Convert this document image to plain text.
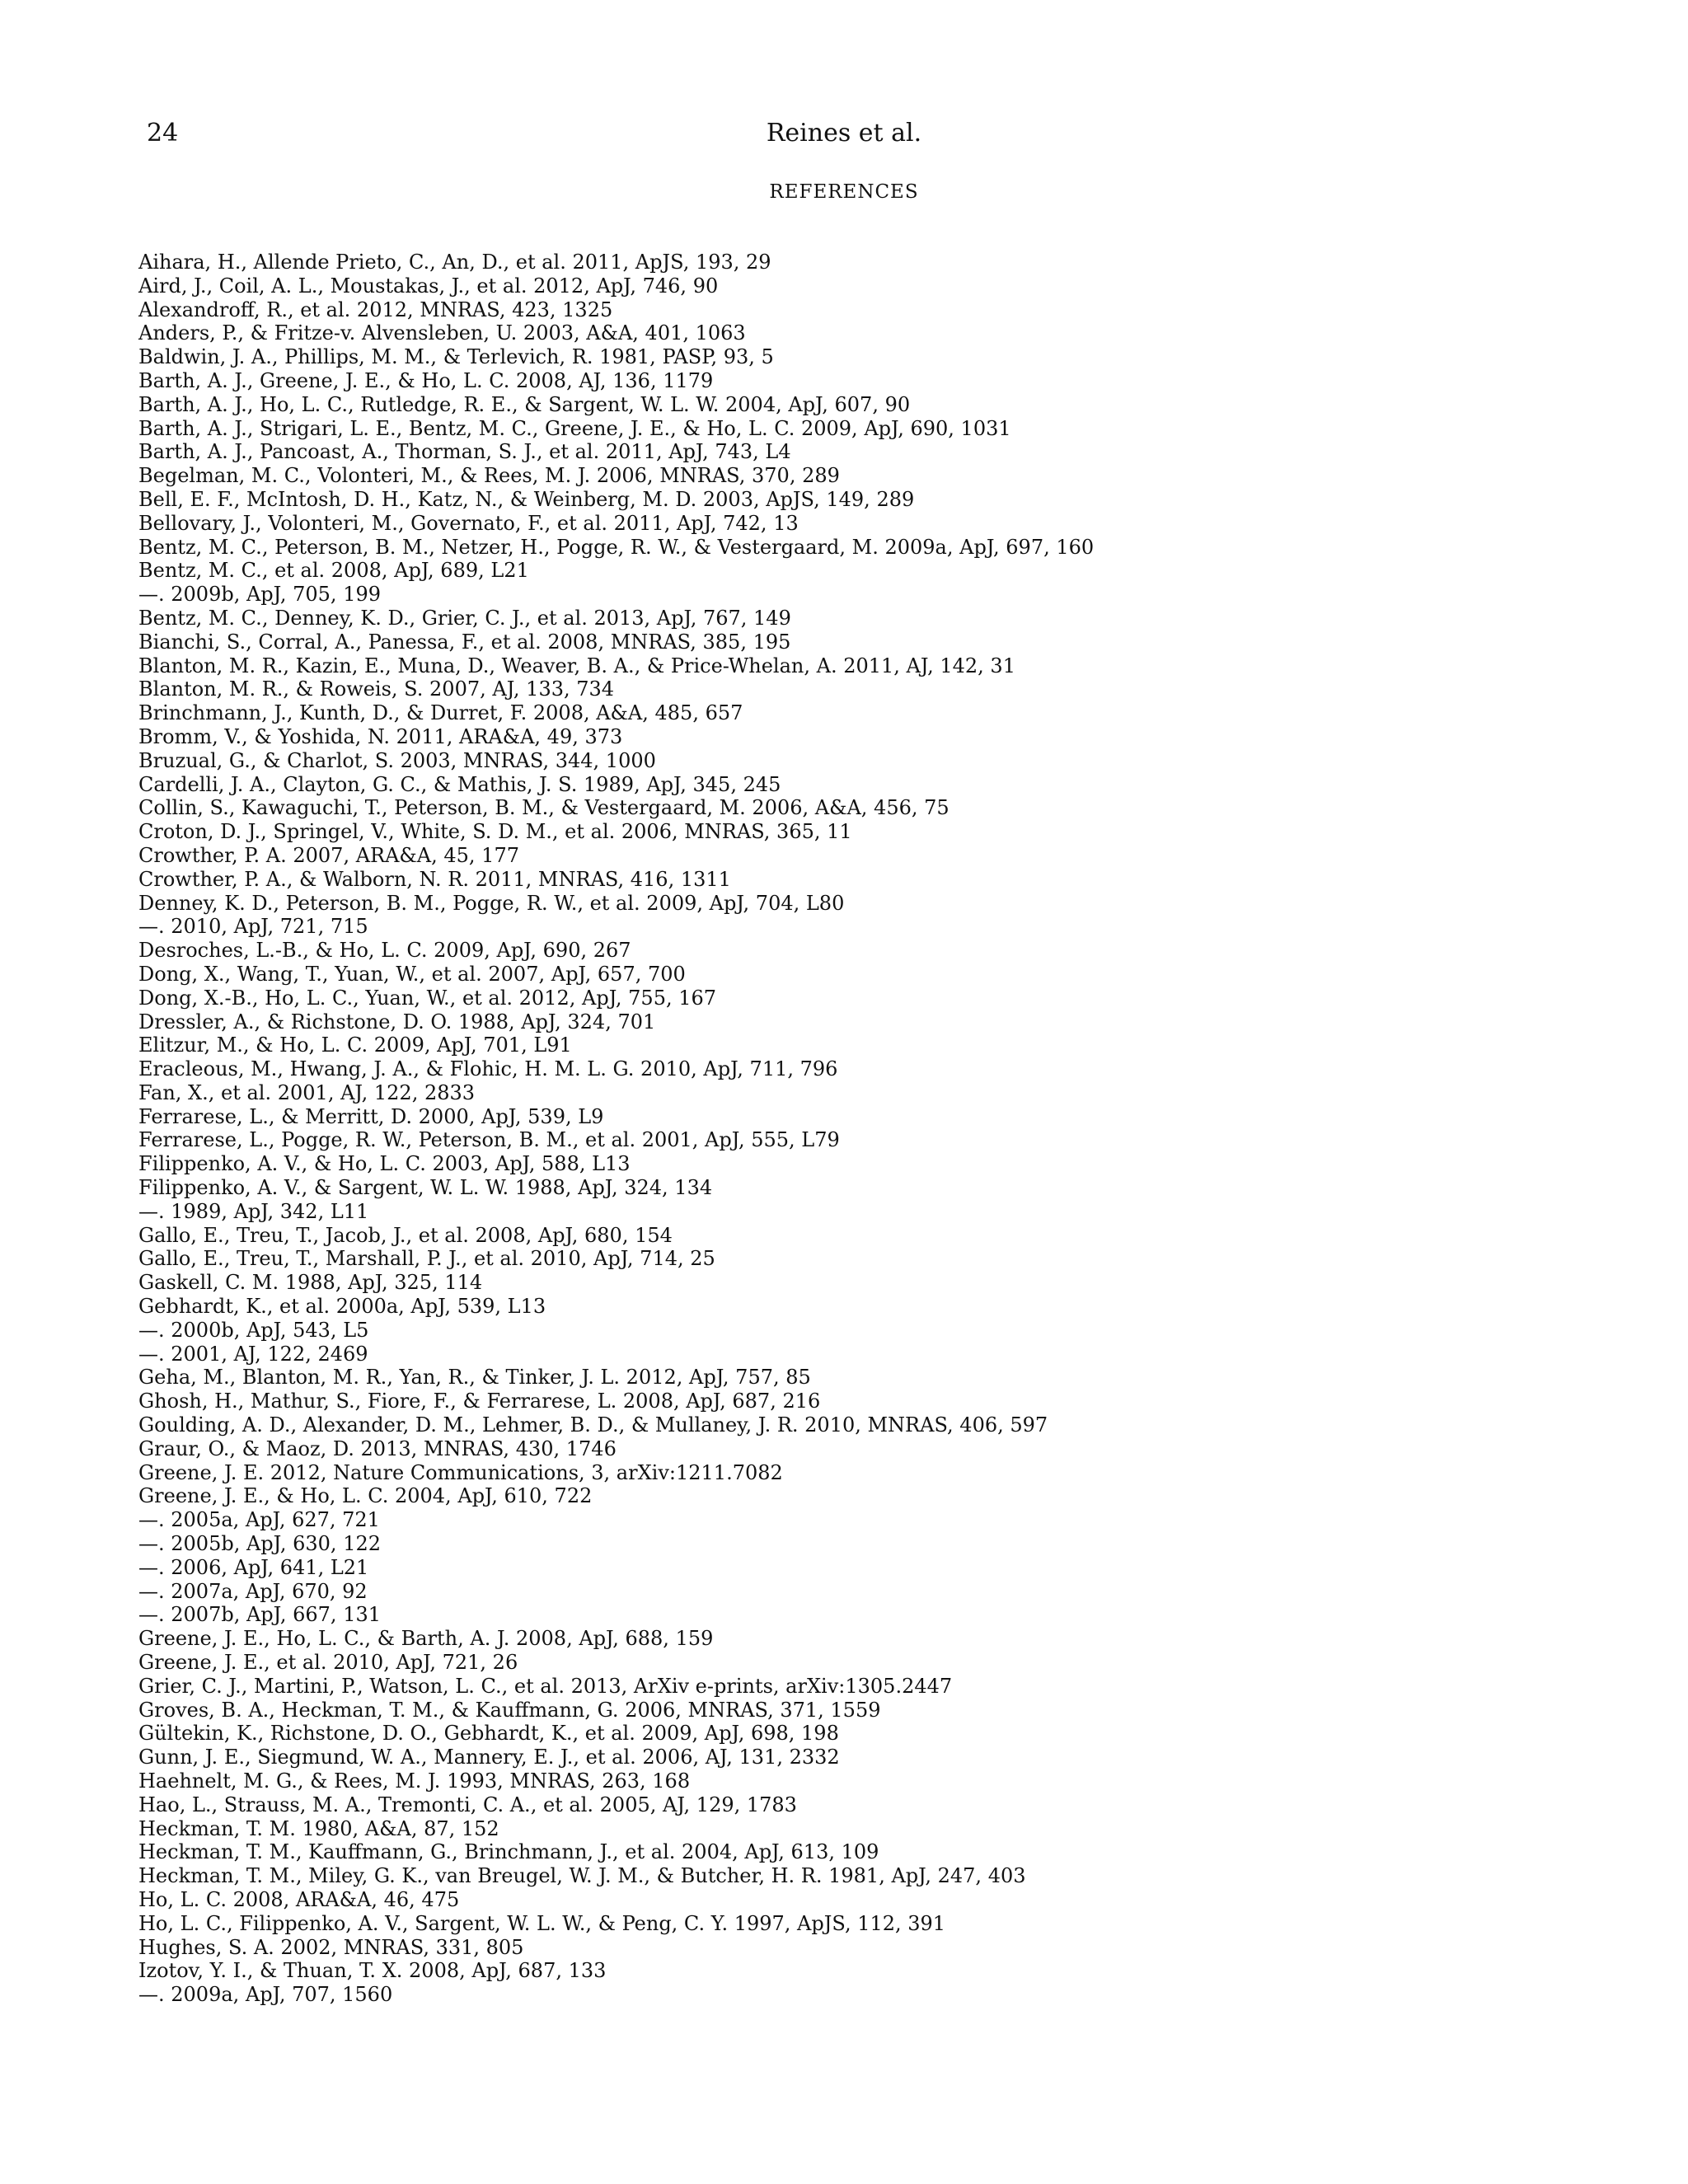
24	Reines et al.
REFERENCES
Aihara, H., Allende Prieto, C., An, D., et al. 2011, ApJS, 193, 29
Aird, J., Coil, A. L., Moustakas, J., et al. 2012, ApJ, 746, 90
Alexandroff, R., et al. 2012, MNRAS, 423, 1325
Anders, P., & Fritze-v. Alvensleben, U. 2003, A&A, 401, 1063
Baldwin, J. A., Phillips, M. M., & Terlevich, R. 1981, PASP, 93, 5
Barth, A. J., Greene, J. E., & Ho, L. C. 2008, AJ, 136, 1179
Barth, A. J., Ho, L. C., Rutledge, R. E., & Sargent, W. L. W. 2004, ApJ, 607, 90
Barth, A. J., Strigari, L. E., Bentz, M. C., Greene, J. E., & Ho, L. C. 2009, ApJ, 690, 1031
Barth, A. J., Pancoast, A., Thorman, S. J., et al. 2011, ApJ, 743, L4
Begelman, M. C., Volonteri, M., & Rees, M. J. 2006, MNRAS, 370, 289
Bell, E. F., McIntosh, D. H., Katz, N., & Weinberg, M. D. 2003, ApJS, 149, 289
Bellovary, J., Volonteri, M., Governato, F., et al. 2011, ApJ, 742, 13
Bentz, M. C., Peterson, B. M., Netzer, H., Pogge, R. W., & Vestergaard, M. 2009a, ApJ, 697, 160
Bentz, M. C., et al. 2008, ApJ, 689, L21
—. 2009b, ApJ, 705, 199
Bentz, M. C., Denney, K. D., Grier, C. J., et al. 2013, ApJ, 767, 149
Bianchi, S., Corral, A., Panessa, F., et al. 2008, MNRAS, 385, 195
Blanton, M. R., Kazin, E., Muna, D., Weaver, B. A., & Price-Whelan, A. 2011, AJ, 142, 31
Blanton, M. R., & Roweis, S. 2007, AJ, 133, 734
Brinchmann, J., Kunth, D., & Durret, F. 2008, A&A, 485, 657
Bromm, V., & Yoshida, N. 2011, ARA&A, 49, 373
Bruzual, G., & Charlot, S. 2003, MNRAS, 344, 1000
Cardelli, J. A., Clayton, G. C., & Mathis, J. S. 1989, ApJ, 345, 245
Collin, S., Kawaguchi, T., Peterson, B. M., & Vestergaard, M. 2006, A&A, 456, 75
Croton, D. J., Springel, V., White, S. D. M., et al. 2006, MNRAS, 365, 11
Crowther, P. A. 2007, ARA&A, 45, 177
Crowther, P. A., & Walborn, N. R. 2011, MNRAS, 416, 1311
Denney, K. D., Peterson, B. M., Pogge, R. W., et al. 2009, ApJ, 704, L80
—. 2010, ApJ, 721, 715
Desroches, L.-B., & Ho, L. C. 2009, ApJ, 690, 267
Dong, X., Wang, T., Yuan, W., et al. 2007, ApJ, 657, 700
Dong, X.-B., Ho, L. C., Yuan, W., et al. 2012, ApJ, 755, 167
Dressler, A., & Richstone, D. O. 1988, ApJ, 324, 701
Elitzur, M., & Ho, L. C. 2009, ApJ, 701, L91
Eracleous, M., Hwang, J. A., & Flohic, H. M. L. G. 2010, ApJ, 711, 796
Fan, X., et al. 2001, AJ, 122, 2833
Ferrarese, L., & Merritt, D. 2000, ApJ, 539, L9
Ferrarese, L., Pogge, R. W., Peterson, B. M., et al. 2001, ApJ, 555, L79
Filippenko, A. V., & Ho, L. C. 2003, ApJ, 588, L13
Filippenko, A. V., & Sargent, W. L. W. 1988, ApJ, 324, 134
—. 1989, ApJ, 342, L11
Gallo, E., Treu, T., Jacob, J., et al. 2008, ApJ, 680, 154
Gallo, E., Treu, T., Marshall, P. J., et al. 2010, ApJ, 714, 25
Gaskell, C. M. 1988, ApJ, 325, 114
Gebhardt, K., et al. 2000a, ApJ, 539, L13
—. 2000b, ApJ, 543, L5
—. 2001, AJ, 122, 2469
Geha, M., Blanton, M. R., Yan, R., & Tinker, J. L. 2012, ApJ, 757, 85
Ghosh, H., Mathur, S., Fiore, F., & Ferrarese, L. 2008, ApJ, 687, 216
Goulding, A. D., Alexander, D. M., Lehmer, B. D., & Mullaney, J. R. 2010, MNRAS, 406, 597
Graur, O., & Maoz, D. 2013, MNRAS, 430, 1746
Greene, J. E. 2012, Nature Communications, 3, arXiv:1211.7082
Greene, J. E., & Ho, L. C. 2004, ApJ, 610, 722
—. 2005a, ApJ, 627, 721
—. 2005b, ApJ, 630, 122
—. 2006, ApJ, 641, L21
—. 2007a, ApJ, 670, 92
—. 2007b, ApJ, 667, 131
Greene, J. E., Ho, L. C., & Barth, A. J. 2008, ApJ, 688, 159
Greene, J. E., et al. 2010, ApJ, 721, 26
Grier, C. J., Martini, P., Watson, L. C., et al. 2013, ArXiv e-prints, arXiv:1305.2447
Groves, B. A., Heckman, T. M., & Kauffmann, G. 2006, MNRAS, 371, 1559
Gültekin, K., Richstone, D. O., Gebhardt, K., et al. 2009, ApJ, 698, 198
Gunn, J. E., Siegmund, W. A., Mannery, E. J., et al. 2006, AJ, 131, 2332
Haehnelt, M. G., & Rees, M. J. 1993, MNRAS, 263, 168
Hao, L., Strauss, M. A., Tremonti, C. A., et al. 2005, AJ, 129, 1783
Heckman, T. M. 1980, A&A, 87, 152
Heckman, T. M., Kauffmann, G., Brinchmann, J., et al. 2004, ApJ, 613, 109
Heckman, T. M., Miley, G. K., van Breugel, W. J. M., & Butcher, H. R. 1981, ApJ, 247, 403
Ho, L. C. 2008, ARA&A, 46, 475
Ho, L. C., Filippenko, A. V., Sargent, W. L. W., & Peng, C. Y. 1997, ApJS, 112, 391
Hughes, S. A. 2002, MNRAS, 331, 805
Izotov, Y. I., & Thuan, T. X. 2008, ApJ, 687, 133
—. 2009a, ApJ, 707, 1560
